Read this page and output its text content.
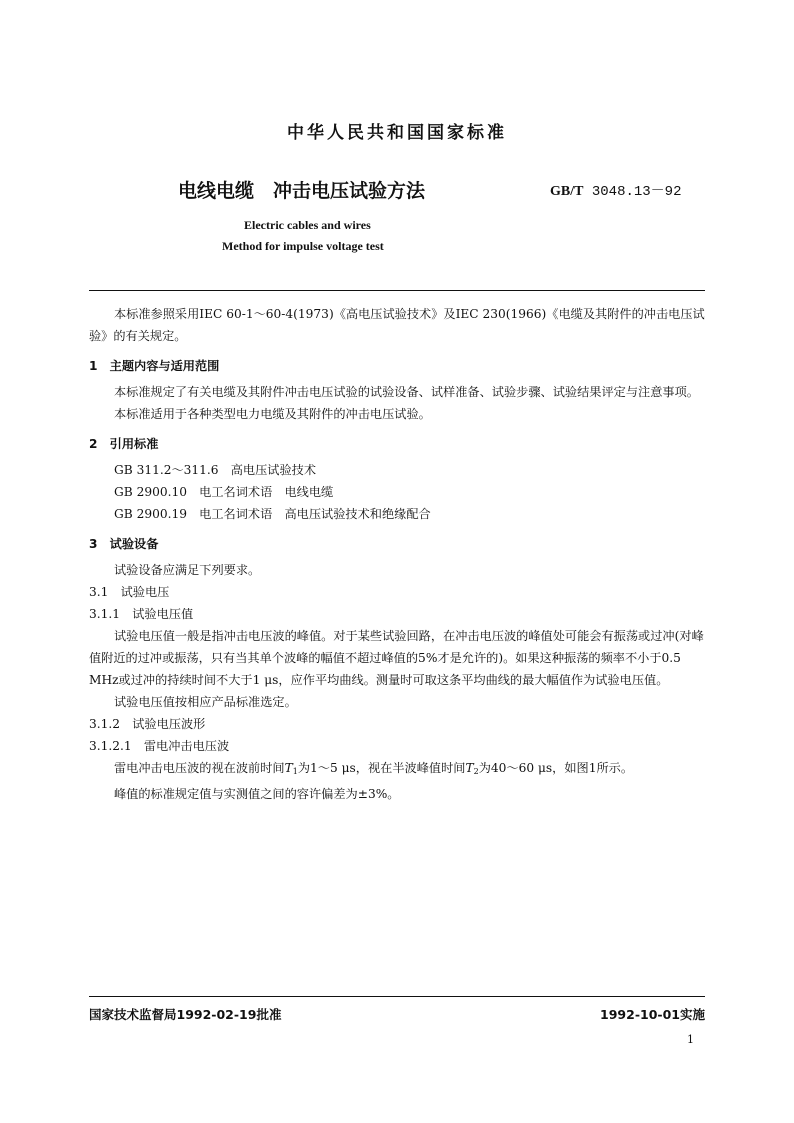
中华人民共和国国家标准
电线电缆　冲击电压试验方法	GB/T 3048.13－92
Electric cables and wires
Method for impulse voltage test

本标准参照采用IEC 60-1～60-4(1973)《高电压试验技术》及IEC 230(1966)《电缆及其附件的冲击电压试验》的有关规定。

1　主题内容与适用范围

本标准规定了有关电缆及其附件冲击电压试验的试验设备、试样准备、试验步骤、试验结果评定与注意事项。

本标准适用于各种类型电力电缆及其附件的冲击电压试验。

2　引用标准

GB 311.2～311.6　高电压试验技术

GB 2900.10　电工名词术语　电线电缆

GB 2900.19　电工名词术语　高电压试验技术和绝缘配合

3　试验设备

试验设备应满足下列要求。

3.1　试验电压

3.1.1　试验电压值

试验电压值一般是指冲击电压波的峰值。对于某些试验回路，在冲击电压波的峰值处可能会有振荡或过冲(对峰值附近的过冲或振荡，只有当其单个波峰的幅值不超过峰值的5%才是允许的)。如果这种振荡的频率不小于0.5 MHz或过冲的持续时间不大于1 μs，应作平均曲线。测量时可取这条平均曲线的最大幅值作为试验电压值。

试验电压值按相应产品标准选定。

3.1.2　试验电压波形

3.1.2.1　雷电冲击电压波

雷电冲击电压波的视在波前时间$T_1$为1～5 μs，视在半波峰值时间$T_2$为40～60 μs，如图1所示。

峰值的标准规定值与实测值之间的容许偏差为±3%。

国家技术监督局1992-02-19批准	1992-10-01实施
1
